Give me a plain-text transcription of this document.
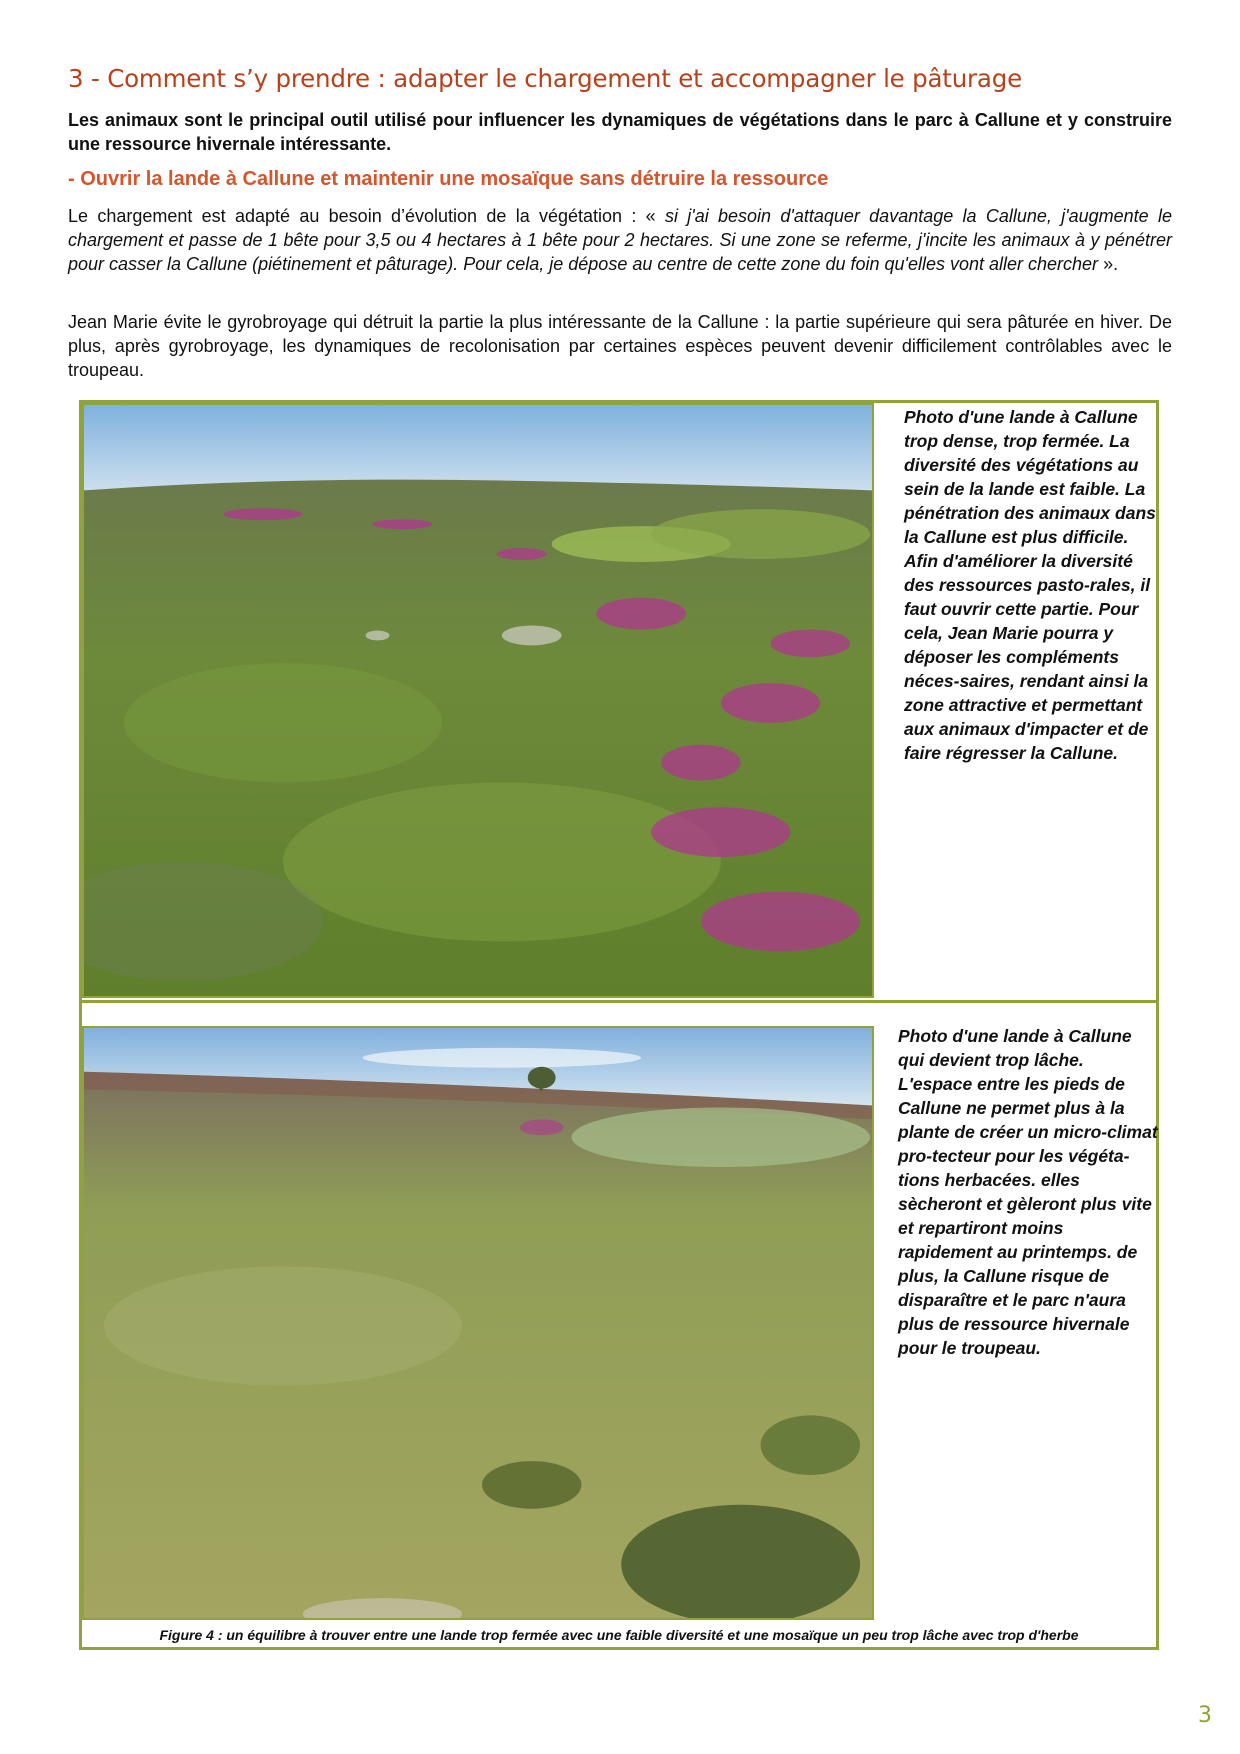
3 - Comment s’y prendre : adapter le chargement et accompagner le pâturage

Les animaux sont le principal outil utilisé pour influencer les dynamiques de végétations dans le parc à Callune et y construire une ressource hivernale intéressante.

- Ouvrir la lande à Callune et maintenir une mosaïque sans détruire la ressource

Le chargement est adapté au besoin d’évolution de la végétation : « si j'ai besoin d'attaquer davantage la Callune, j'augmente le chargement et passe de 1 bête pour 3,5 ou 4 hectares à 1 bête pour 2 hectares. Si une zone se referme, j'incite les animaux à y pénétrer pour casser la Callune (piétinement et pâturage). Pour cela, je dépose au centre de cette zone du foin qu'elles vont aller chercher ».

Jean Marie évite le gyrobroyage qui détruit la partie la plus intéressante de la Callune : la partie supérieure qui sera pâturée en hiver. De plus, après gyrobroyage, les dynamiques de recolonisation par certaines espèces peuvent devenir difficilement contrôlables avec le troupeau.

Photo d'une lande à Callune trop dense, trop fermée. La diversité des végétations au sein de la lande est faible. La pénétration des animaux dans la Callune est plus difficile. Afin d'améliorer la diversité des ressources pasto-rales, il faut ouvrir cette partie. Pour cela, Jean Marie pourra y déposer les compléments néces-saires, rendant ainsi la zone attractive et permettant aux animaux d'impacter et de faire régresser la Callune.

Photo d'une lande à Callune qui devient trop lâche. L'espace entre les pieds de Callune ne permet plus à la plante de créer un micro-climat pro-tecteur pour les végéta-tions herbacées. elles sècheront et gèleront plus vite et repartiront moins rapidement au printemps. de plus, la Callune risque de disparaître et le parc n'aura plus de ressource hivernale pour le troupeau.

Figure 4 : un équilibre à trouver entre une lande trop fermée avec une faible diversité et une mosaïque un peu trop lâche avec trop d'herbe
3
